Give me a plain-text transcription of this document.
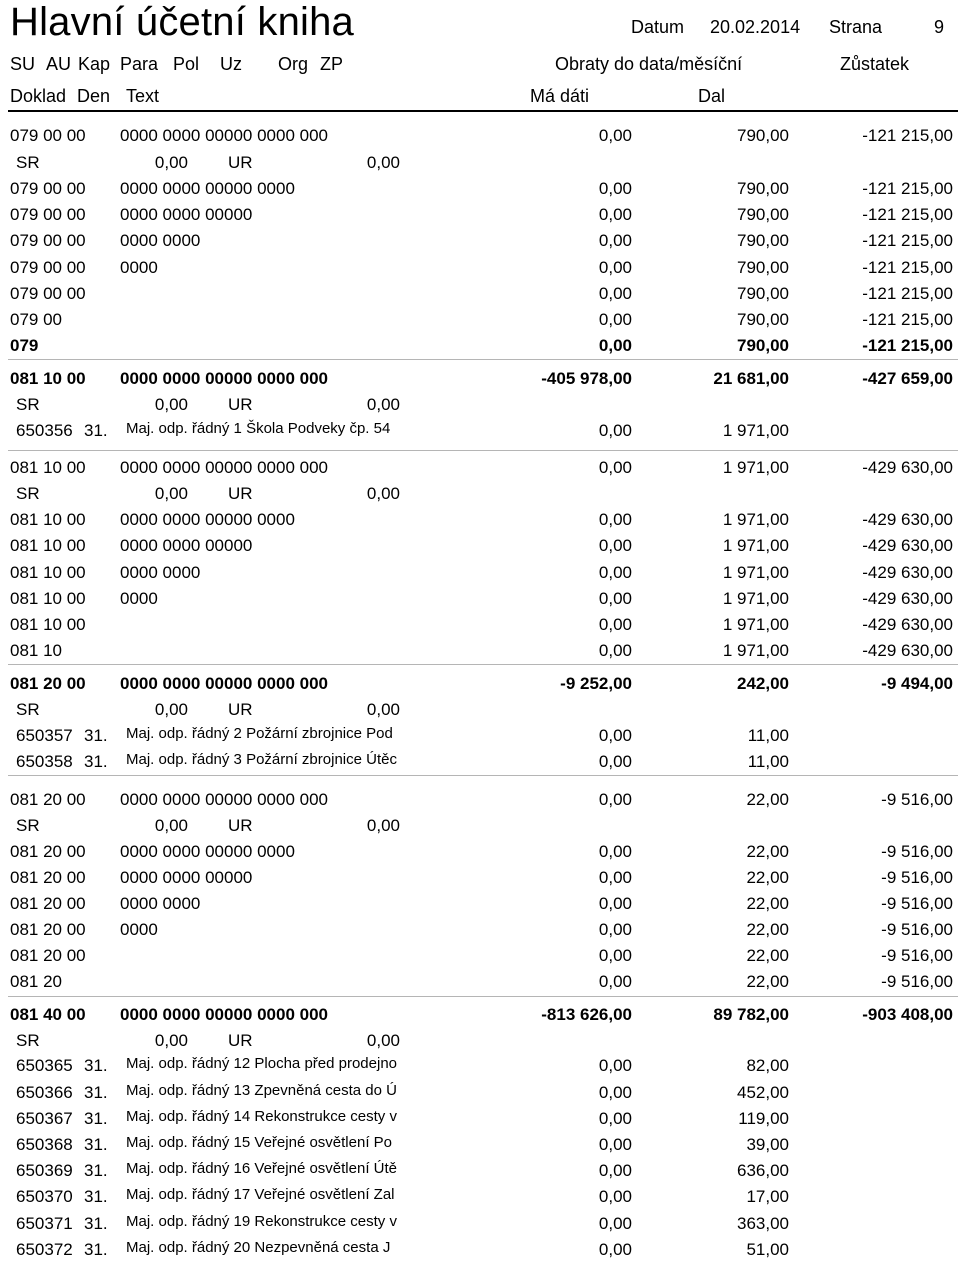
Hlavní účetní kniha	Datum 20.02.2014 Strana	9
SU AU Kap Para Pol Uz Org ZP	Obraty do data/měsíční	Zůstatek
Doklad Den Text	Má dáti	Dal
079 00 00 0000 0000 00000 0000 000	0,00	790,00	-121 215,00
SR	0,00 UR	0,00
079 00 00 0000 0000 00000 0000	0,00	790,00	-121 215,00
079 00 00 0000 0000 00000	0,00	790,00	-121 215,00
079 00 00 0000 0000	0,00	790,00	-121 215,00
079 00 00 0000	0,00	790,00	-121 215,00
079 00 00	0,00	790,00	-121 215,00
079 00	0,00	790,00	-121 215,00
079	0,00	790,00	-121 215,00
081 10 00 0000 0000 00000 0000 000	-405 978,00	21 681,00	-427 659,00
SR	0,00 UR	0,00
650356 31. Maj. odp. řádný 1 Škola Podveky čp. 54	0,00	1 971,00
081 10 00 0000 0000 00000 0000 000	0,00	1 971,00	-429 630,00
SR	0,00 UR	0,00
081 10 00 0000 0000 00000 0000	0,00	1 971,00	-429 630,00
081 10 00 0000 0000 00000	0,00	1 971,00	-429 630,00
081 10 00 0000 0000	0,00	1 971,00	-429 630,00
081 10 00 0000	0,00	1 971,00	-429 630,00
081 10 00	0,00	1 971,00	-429 630,00
081 10	0,00	1 971,00	-429 630,00
081 20 00 0000 0000 00000 0000 000	-9 252,00	242,00	-9 494,00
SR	0,00 UR	0,00
650357 31. Maj. odp. řádný 2 Požární zbrojnice Pod	0,00	11,00
650358 31. Maj. odp. řádný 3 Požární zbrojnice Útěc	0,00	11,00
081 20 00 0000 0000 00000 0000 000	0,00	22,00	-9 516,00
SR	0,00 UR	0,00
081 20 00 0000 0000 00000 0000	0,00	22,00	-9 516,00
081 20 00 0000 0000 00000	0,00	22,00	-9 516,00
081 20 00 0000 0000	0,00	22,00	-9 516,00
081 20 00 0000	0,00	22,00	-9 516,00
081 20 00	0,00	22,00	-9 516,00
081 20	0,00	22,00	-9 516,00
081 40 00 0000 0000 00000 0000 000	-813 626,00	89 782,00	-903 408,00
SR	0,00 UR	0,00
650365 31. Maj. odp. řádný 12 Plocha před prodejno	0,00	82,00
650366 31. Maj. odp. řádný 13 Zpevněná cesta do Ú	0,00	452,00
650367 31. Maj. odp. řádný 14 Rekonstrukce cesty v	0,00	119,00
650368 31. Maj. odp. řádný 15 Veřejné osvětlení Po	0,00	39,00
650369 31. Maj. odp. řádný 16 Veřejné osvětlení Útě	0,00	636,00
650370 31. Maj. odp. řádný 17 Veřejné osvětlení Zal	0,00	17,00
650371 31. Maj. odp. řádný 19 Rekonstrukce cesty v	0,00	363,00
650372 31. Maj. odp. řádný 20 Nezpevněná cesta J	0,00	51,00
